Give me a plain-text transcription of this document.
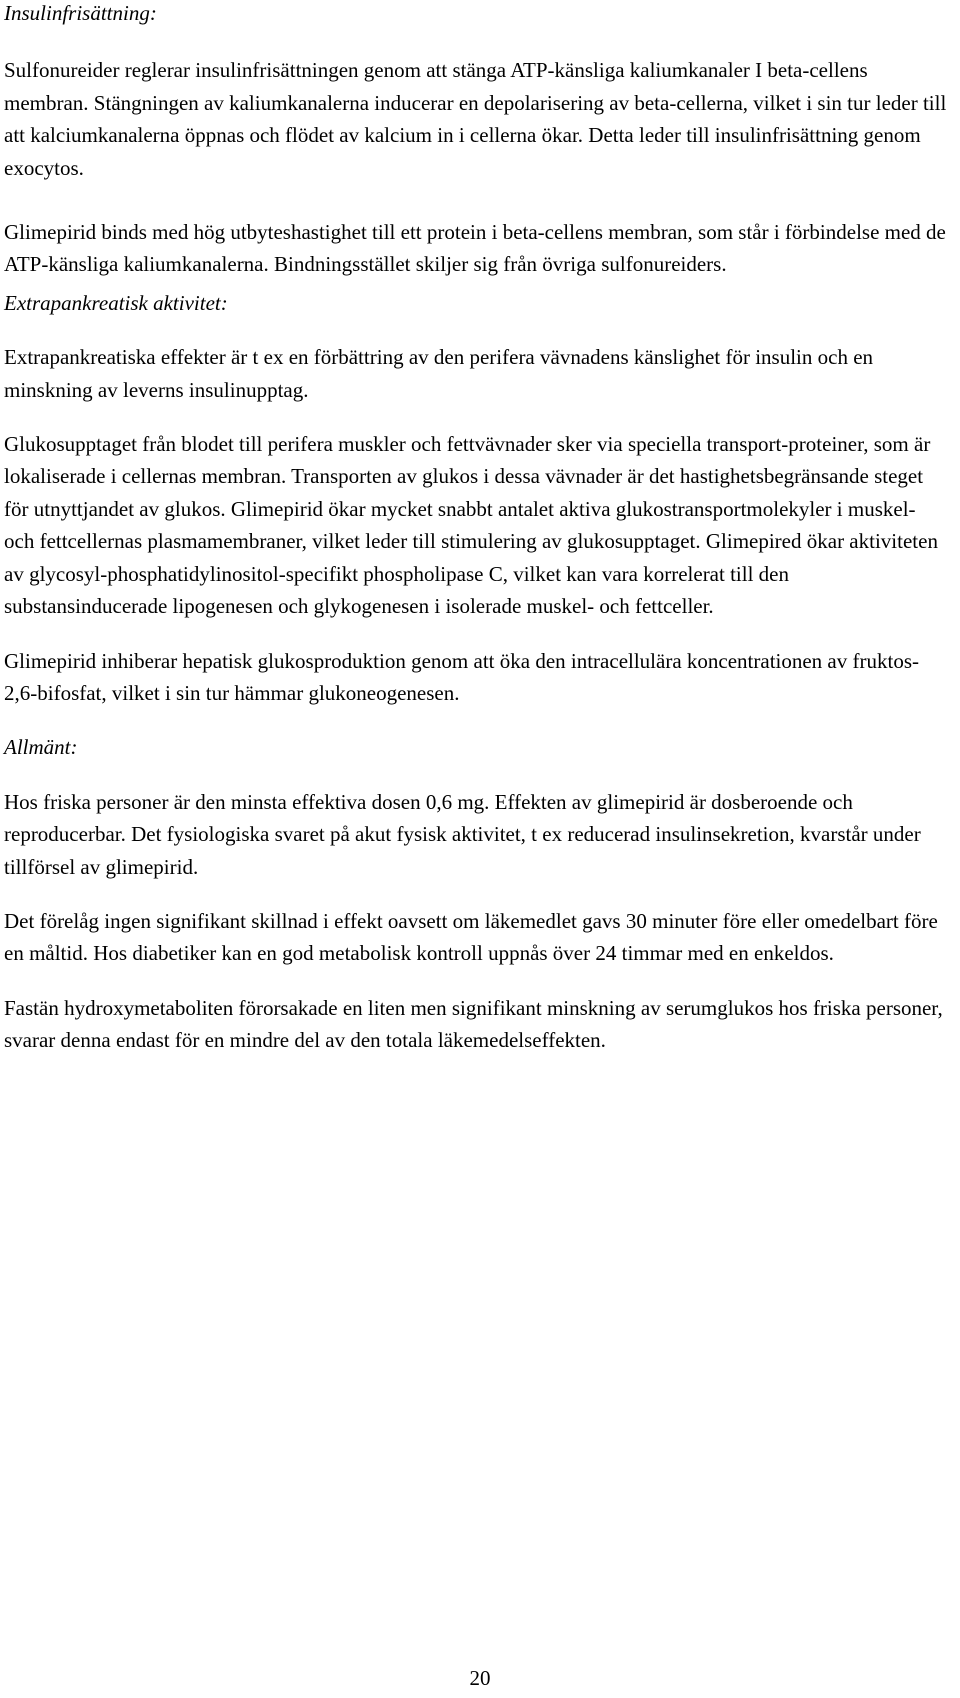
Insulinfrisättning:

Sulfonureider reglerar insulinfrisättningen genom att stänga ATP-känsliga kaliumkanaler I beta-cellens membran. Stängningen av kaliumkanalerna inducerar en depolarisering av beta-cellerna, vilket i sin tur leder till att kalciumkanalerna öppnas och flödet av kalcium in i cellerna ökar. Detta leder till insulinfrisättning genom exocytos.

Glimepirid binds med hög utbyteshastighet till ett protein i beta-cellens membran, som står i förbindelse med de ATP-känsliga kaliumkanalerna. Bindningsstället skiljer sig från övriga sulfonureiders.

Extrapankreatisk aktivitet:

Extrapankreatiska effekter är t ex en förbättring av den perifera vävnadens känslighet för insulin och en minskning av leverns insulinupptag.

Glukosupptaget från blodet till perifera muskler och fettvävnader sker via speciella transport-proteiner, som är lokaliserade i cellernas membran. Transporten av glukos i dessa vävnader är det hastighetsbegränsande steget för utnyttjandet av glukos. Glimepirid ökar mycket snabbt antalet aktiva glukostransportmolekyler i muskel- och fettcellernas plasmamembraner, vilket leder till stimulering av glukosupptaget. Glimepired ökar aktiviteten av glycosyl-phosphatidylinositol-specifikt phospholipase C, vilket kan vara korrelerat till den substansinducerade lipogenesen och glykogenesen i isolerade muskel- och fettceller.

Glimepirid inhiberar hepatisk glukosproduktion genom att öka den intracellulära koncentrationen av fruktos-2,6-bifosfat, vilket i sin tur hämmar glukoneogenesen.

Allmänt:

Hos friska personer är den minsta effektiva dosen 0,6 mg. Effekten av glimepirid är dosberoende och reproducerbar. Det fysiologiska svaret på akut fysisk aktivitet, t ex reducerad insulinsekretion, kvarstår under tillförsel av glimepirid.

Det förelåg ingen signifikant skillnad i effekt oavsett om läkemedlet gavs 30 minuter före eller omedelbart före en måltid. Hos diabetiker kan en god metabolisk kontroll uppnås över 24 timmar med en enkeldos.

Fastän hydroxymetaboliten förorsakade en liten men signifikant minskning av serumglukos hos friska personer, svarar denna endast för en mindre del av den totala läkemedelseffekten.

20
